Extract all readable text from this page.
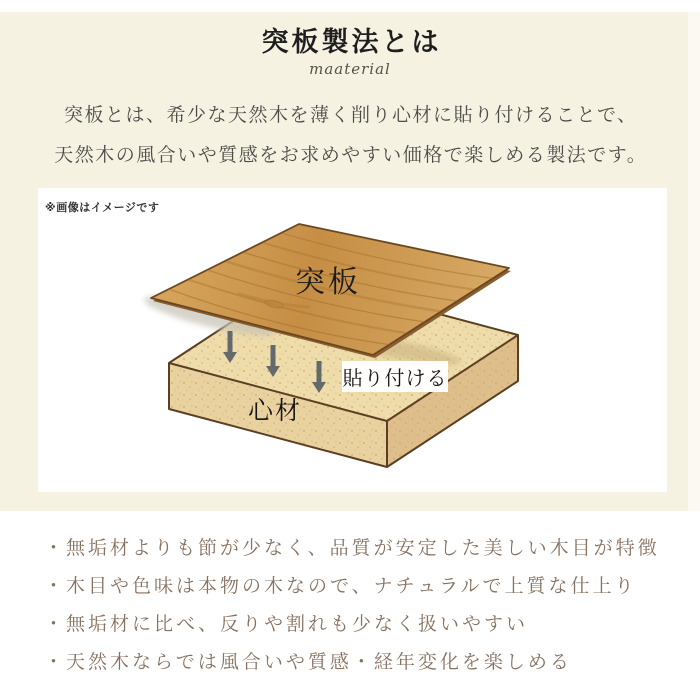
突板製法とは
maaterial
突板とは、希少な天然木を薄く削り心材に貼り付けることで、
天然木の風合いや質感をお求めやすい価格で楽しめる製法です。
突板
貼り付ける
心材
※画像はイメージです
・ 無垢材よりも節が少なく、品質が安定した美しい木目が特徴
・ 木目や色味は本物の木なので、ナチュラルで上質な仕上り
・ 無垢材に比べ、反りや割れも少なく扱いやすい
・ 天然木ならでは風合いや質感・経年変化を楽しめる
